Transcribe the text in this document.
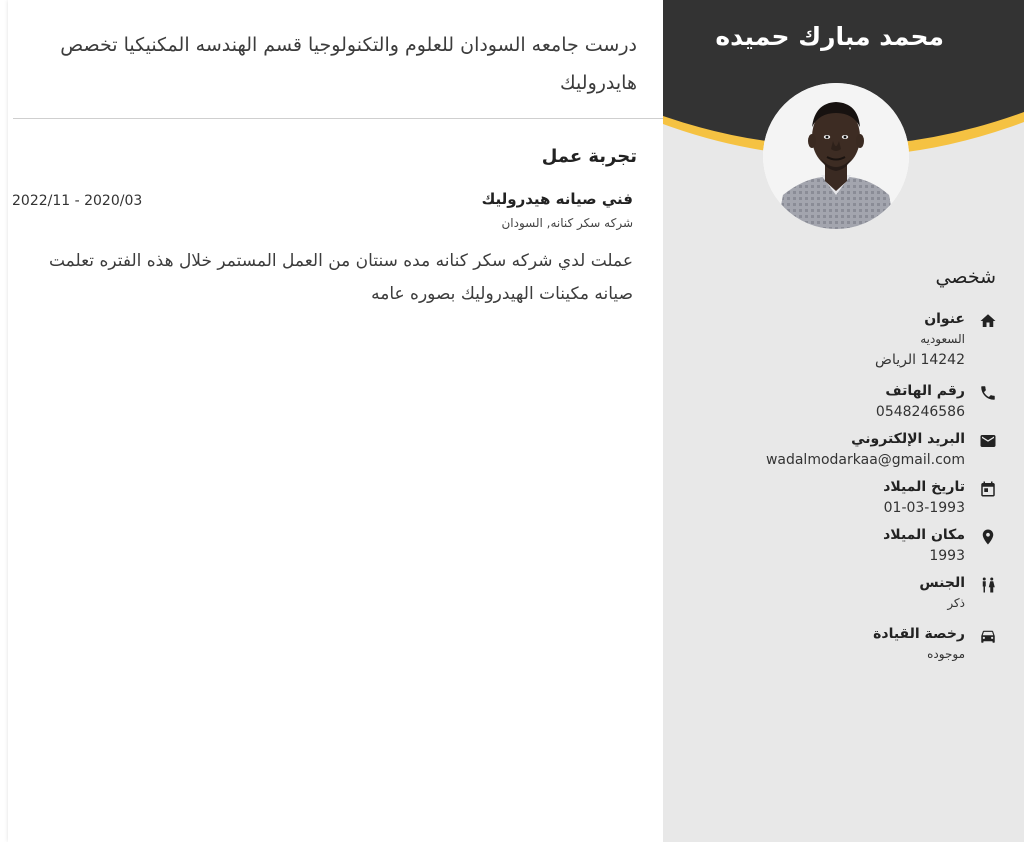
درست جامعه السودان للعلوم والتكنولوجيا قسم الهندسه المكنيكيا تخصص هايدروليك
تجربة عمل
فني صيانه هيدروليك
شركه سكر كنانه, السودان
2022/11 - 2020/03
عملت لدي شركه سكر كنانه مده سنتان من العمل المستمر خلال هذه الفتره تعلمت صيانه مكينات الهيدروليك بصوره عامه
محمد مبارك حميده
شخصي
عنوان
السعوديه
14242 الرياض
رقم الهاتف
0548246586
البريد الإلكتروني
wadalmodarkaa@gmail.com
تاريخ الميلاد
01-03-1993
مكان الميلاد
1993
الجنس
ذكر
رخصة القيادة
موجوده
